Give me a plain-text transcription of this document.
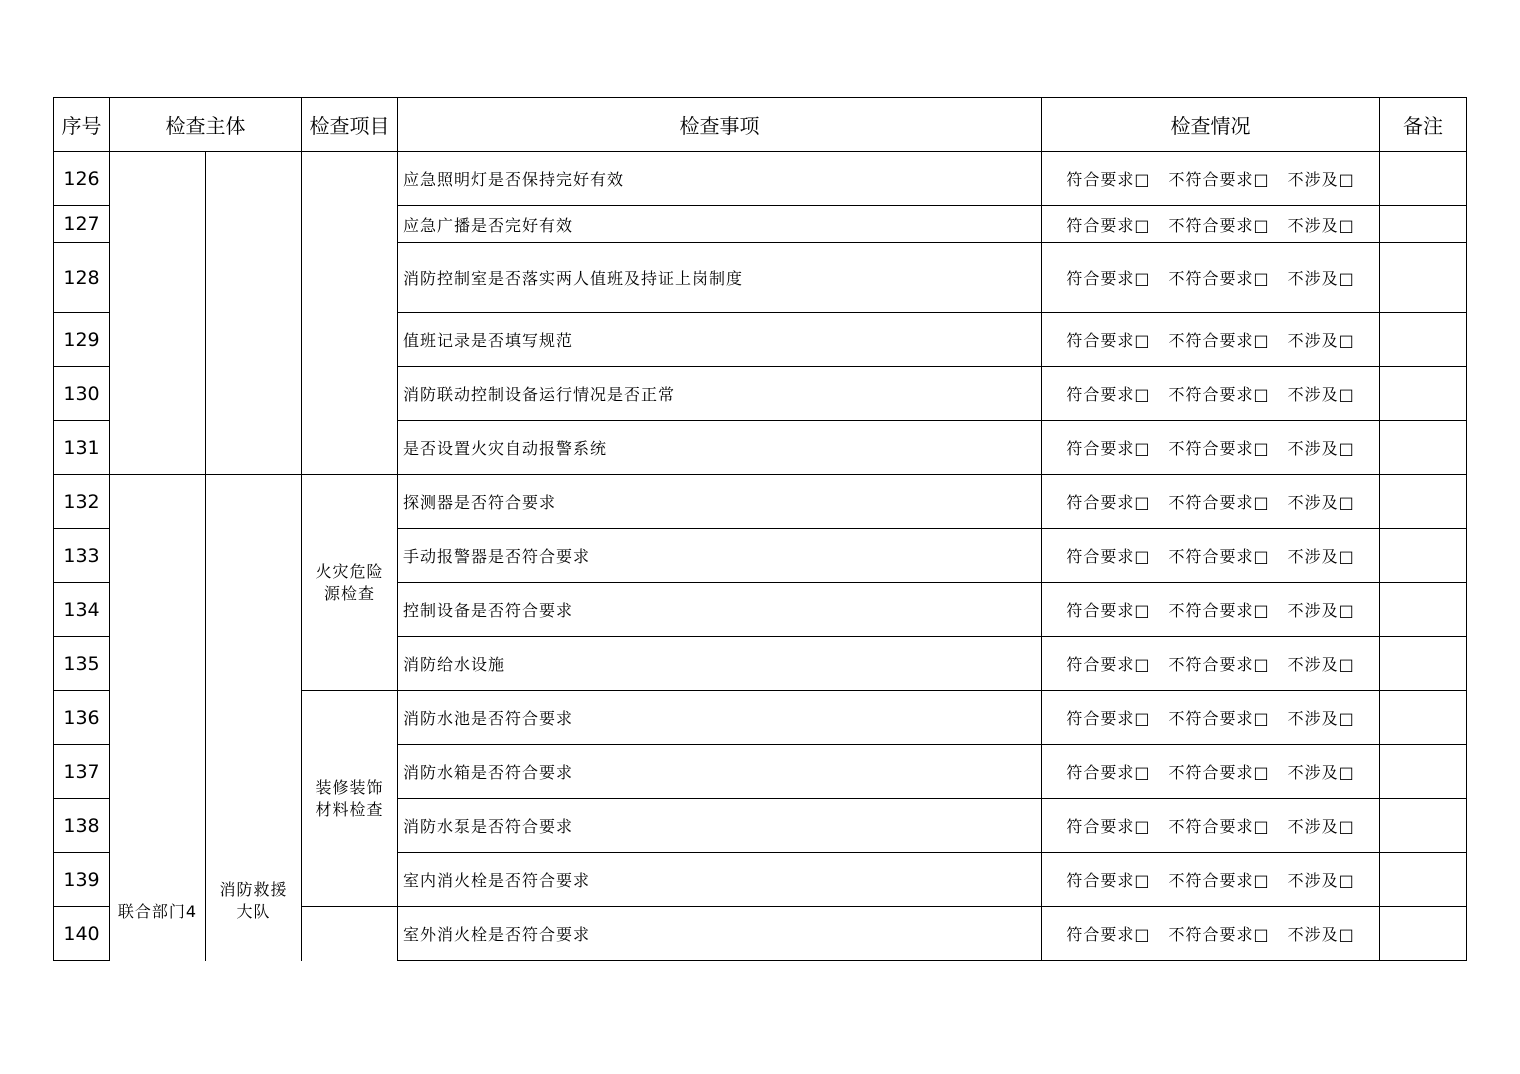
序号	检查主体		检查项目	检查事项	检查情况	备注
126				应急照明灯是否保持完好有效	符合要求□ 不符合要求□ 不涉及□	
127				应急广播是否完好有效	符合要求□ 不符合要求□ 不涉及□	
128				消防控制室是否落实两人值班及持证上岗制度	符合要求□ 不符合要求□ 不涉及□	
129				值班记录是否填写规范	符合要求□ 不符合要求□ 不涉及□	
130				消防联动控制设备运行情况是否正常	符合要求□ 不符合要求□ 不涉及□	
131				是否设置火灾自动报警系统	符合要求□ 不符合要求□ 不涉及□	
132	联合部门4	消防救援大队	火灾危险源检查	探测器是否符合要求	符合要求□ 不符合要求□ 不涉及□	
133				手动报警器是否符合要求	符合要求□ 不符合要求□ 不涉及□	
134				控制设备是否符合要求	符合要求□ 不符合要求□ 不涉及□	
135				消防给水设施	符合要求□ 不符合要求□ 不涉及□	
136			装修装饰材料检查	消防水池是否符合要求	符合要求□ 不符合要求□ 不涉及□	
137				消防水箱是否符合要求	符合要求□ 不符合要求□ 不涉及□	
138				消防水泵是否符合要求	符合要求□ 不符合要求□ 不涉及□	
139				室内消火栓是否符合要求	符合要求□ 不符合要求□ 不涉及□	
140				室外消火栓是否符合要求	符合要求□ 不符合要求□ 不涉及□	
